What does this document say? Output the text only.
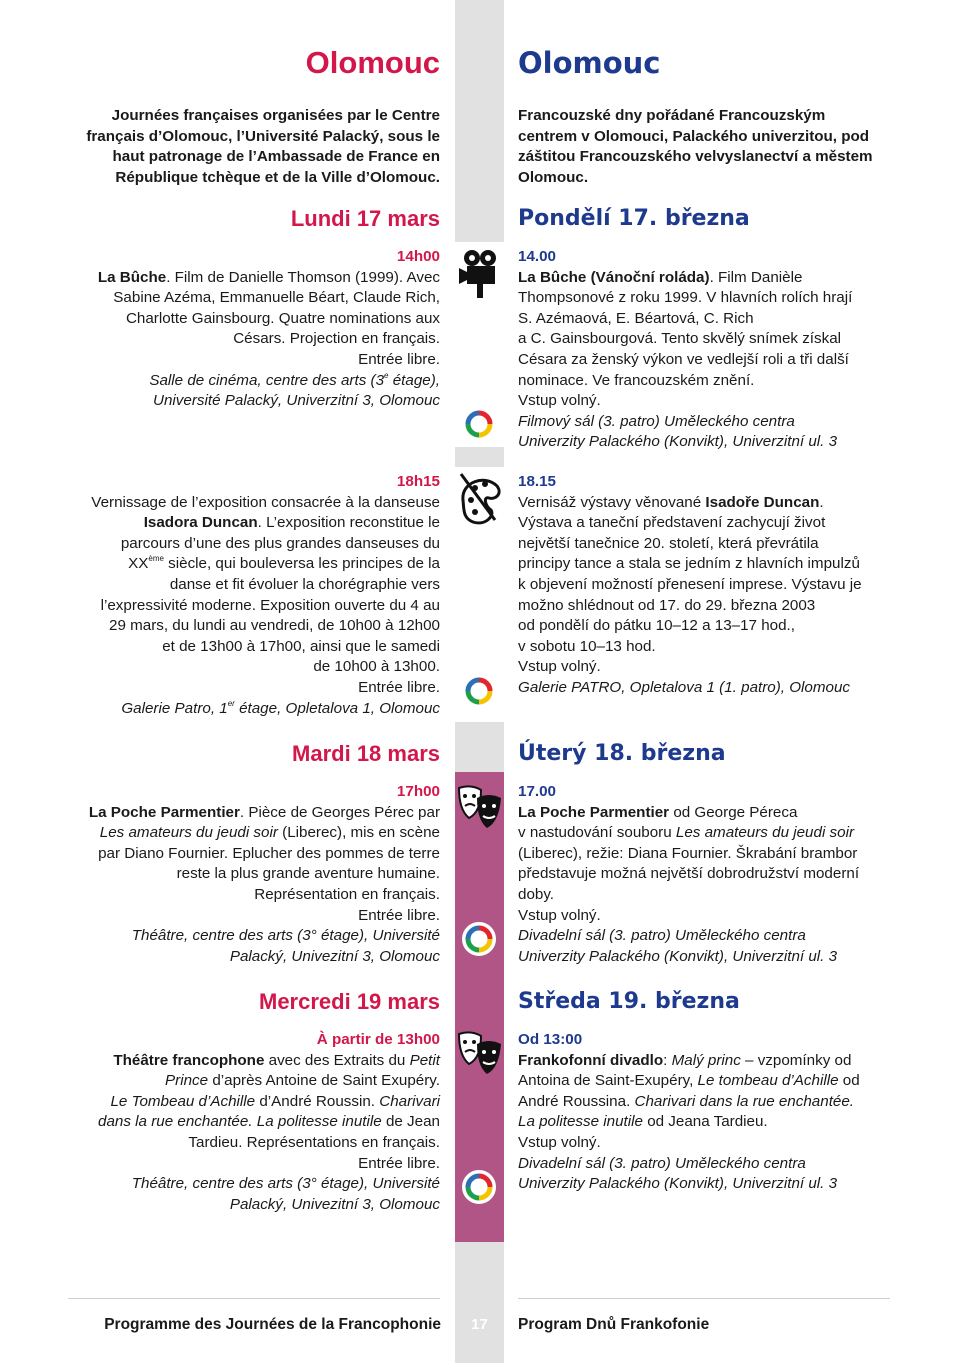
Olomouc	Olomouc
Journées françaises organisées par le Centre
français d’Olomouc, l’Université Palacký, sous le
haut patronage de l’Ambassade de France en
République tchèque et de la Ville d’Olomouc.
Lundi 17 mars
14h00
La Bûche. Film de Danielle Thomson (1999). Avec
Sabine Azéma, Emmanuelle Béart, Claude Rich,
Charlotte Gainsbourg. Quatre nominations aux
Césars. Projection en français.
Entrée libre.
Salle de cinéma, centre des arts (3e étage),
Université Palacký, Univerzitní 3, Olomouc
18h15
Vernissage de l’exposition consacrée à la danseuse
Isadora Duncan. L’exposition reconstitue le
parcours d’une des plus grandes danseuses du
XXème siècle, qui bouleversa les principes de la
danse et fit évoluer la chorégraphie vers
l’expressivité moderne. Exposition ouverte du 4 au
29 mars, du lundi au vendredi, de 10h00 à 12h00
et de 13h00 à 17h00, ainsi que le samedi
de 10h00 à 13h00.
Entrée libre.
Galerie Patro, 1er étage, Opletalova 1, Olomouc
Mardi 18 mars
17h00
La Poche Parmentier. Pièce de Georges Pérec par
Les amateurs du jeudi soir (Liberec), mis en scène
par Diano Fournier. Eplucher des pommes de terre
reste la plus grande aventure humaine.
Représentation en français.
Entrée libre.
Théâtre, centre des arts (3° étage), Université
Palacký, Univezitní 3, Olomouc
Mercredi 19 mars
À partir de 13h00
Théâtre francophone avec des Extraits du Petit
Prince d’après Antoine de Saint Exupéry.
Le Tombeau d’Achille d’André Roussin. Charivari
dans la rue enchantée. La politesse inutile de Jean
Tardieu. Représentations en français.
Entrée libre.
Théâtre, centre des arts (3° étage), Université
Palacký, Univezitní 3, Olomouc
Francouzské dny pořádané Francouzským
centrem v Olomouci, Palackého univerzitou, pod
záštitou Francouzského velvyslanectví a městem
Olomouc.
Pondělí 17. března
14.00
La Bûche (Vánoční roláda). Film Danièle
Thompsonové z roku 1999. V hlavních rolích hrají
S. Azémaová, E. Béartová, C. Rich
a C. Gainsbourgová. Tento skvělý snímek získal
Césara za ženský výkon ve vedlejší roli a tři další
nominace. Ve francouzském znění.
Vstup volný.
Filmový sál (3. patro) Uměleckého centra
Univerzity Palackého (Konvikt), Univerzitní ul. 3
18.15
Vernisáž výstavy věnované Isadoře Duncan.
Výstava a taneční představení zachycují život
největší tanečnice 20. století, která převrátila
principy tance a stala se jedním z hlavních impulzů
k objevení možností přenesení imprese. Výstavu je
možno shlédnout od 17. do 29. března 2003
od pondělí do pátku 10–12 a 13–17 hod.,
v sobotu 10–13 hod.
Vstup volný.
Galerie PATRO, Opletalova 1 (1. patro), Olomouc
Úterý 18. března
17.00
La Poche Parmentier od George Péreca
v nastudování souboru Les amateurs du jeudi soir
(Liberec), režie: Diana Fournier. Škrabání brambor
představuje možná největší dobrodružství moderní
doby.
Vstup volný.
Divadelní sál (3. patro) Uměleckého centra
Univerzity Palackého (Konvikt), Univerzitní ul. 3
Středa 19. března
Od 13:00
Frankofonní divadlo: Malý princ – vzpomínky od
Antoina de Saint-Exupéry, Le tombeau d’Achille od
André Roussina. Charivari dans la rue enchantée.
La politesse inutile od Jeana Tardieu.
Vstup volný.
Divadelní sál (3. patro) Uměleckého centra
Univerzity Palackého (Konvikt), Univerzitní ul. 3
Programme des Journées de la Francophonie	17	Program Dnů Frankofonie
